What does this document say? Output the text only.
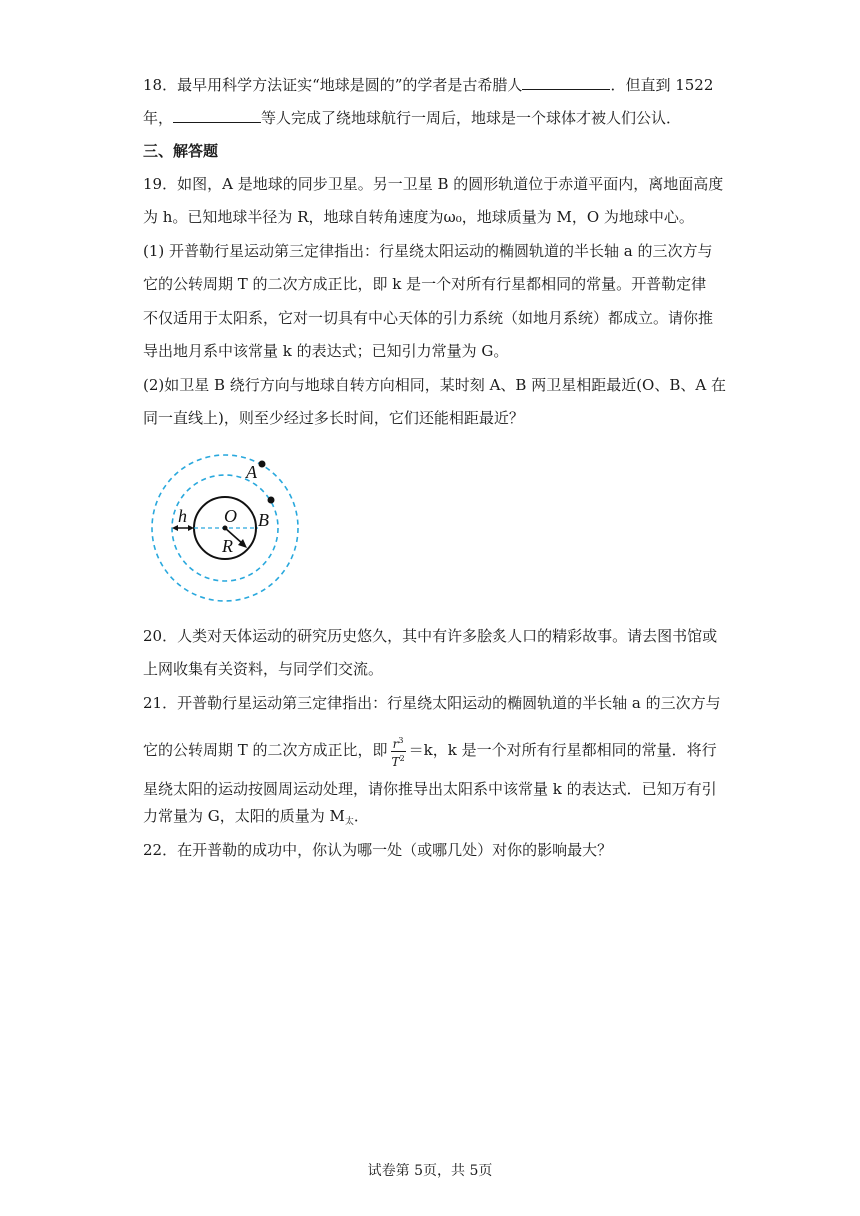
18．最早用科学方法证实“地球是圆的”的学者是古希腊人	．但直到 1522
年，	等人完成了绕地球航行一周后，地球是一个球体才被人们公认．
三、解答题
19．如图，A 是地球的同步卫星。另一卫星 B 的圆形轨道位于赤道平面内，离地面高度
为 h。已知地球半径为 R，地球自转角速度为ω₀，地球质量为 M，O 为地球中心。
(1) 开普勒行星运动第三定律指出：行星绕太阳运动的椭圆轨道的半长轴 a 的三次方与
它的公转周期 T 的二次方成正比，即 k 是一个对所有行星都相同的常量。开普勒定律
不仅适用于太阳系，它对一切具有中心天体的引力系统（如地月系统）都成立。请你推
导出地月系中该常量 k 的表达式；已知引力常量为 G。
(2)如卫星 B 绕行方向与地球自转方向相同，某时刻 A、B 两卫星相距最近(O、B、A 在
同一直线上)，则至少经过多长时间，它们还能相距最近？
A
B
O
R
h
20．人类对天体运动的研究历史悠久，其中有许多脍炙人口的精彩故事。请去图书馆或
上网收集有关资料，与同学们交流。
21．开普勒行星运动第三定律指出：行星绕太阳运动的椭圆轨道的半长轴 a 的三次方与
它的公转周期 T 的二次方成正比，即 $\frac{r^3}{T^2} =k$，k 是一个对所有行星都相同的常量．将行
星绕太阳的运动按圆周运动处理，请你推导出太阳系中该常量 k 的表达式．已知万有引
力常量为 G，太阳的质量为 $M_太$．
22．在开普勒的成功中，你认为哪一处（或哪几处）对你的影响最大？
试卷第 5页，共 5页
